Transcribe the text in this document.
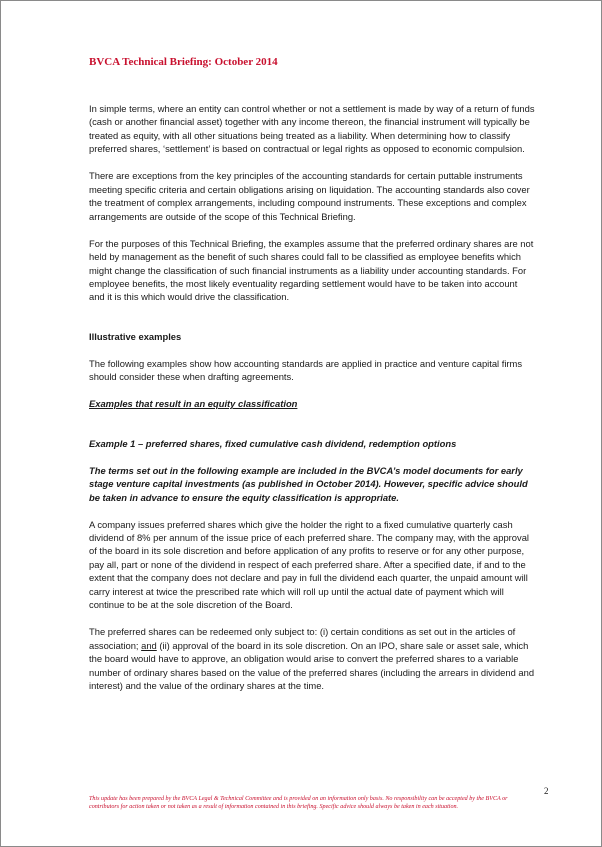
BVCA Technical Briefing: October 2014

In simple terms, where an entity can control whether or not a settlement is made by way of a return of funds (cash or another financial asset) together with any income thereon, the financial instrument will typically be treated as equity, with all other situations being treated as a liability. When determining how to classify preferred shares, ‘settlement’ is based on contractual or legal rights as opposed to economic compulsion.

There are exceptions from the key principles of the accounting standards for certain puttable instruments meeting specific criteria and certain obligations arising on liquidation. The accounting standards also cover the treatment of complex arrangements, including compound instruments. These exceptions and complex arrangements are outside of the scope of this Technical Briefing.

For the purposes of this Technical Briefing, the examples assume that the preferred ordinary shares are not held by management as the benefit of such shares could fall to be classified as employee benefits which might change the classification of such financial instruments as a liability under accounting standards. For employee benefits, the most likely eventuality regarding settlement would have to be taken into account and it is this which would drive the classification.

Illustrative examples

The following examples show how accounting standards are applied in practice and venture capital firms should consider these when drafting agreements.

Examples that result in an equity classification

Example 1 – preferred shares, fixed cumulative cash dividend, redemption options

The terms set out in the following example are included in the BVCA’s model documents for early stage venture capital investments (as published in October 2014). However, specific advice should be taken in advance to ensure the equity classification is appropriate.

A company issues preferred shares which give the holder the right to a fixed cumulative quarterly cash dividend of 8% per annum of the issue price of each preferred share. The company may, with the approval of the board in its sole discretion and before application of any profits to reserve or for any other purpose, pay all, part or none of the dividend in respect of each preferred share. After a specified date, if and to the extent that the company does not declare and pay in full the dividend each quarter, the unpaid amount will carry interest at twice the prescribed rate which will roll up until the actual date of payment which will continue to be at the sole discretion of the Board.

The preferred shares can be redeemed only subject to: (i) certain conditions as set out in the articles of association; and (ii) approval of the board in its sole discretion. On an IPO, share sale or asset sale, which the board would have to approve, an obligation would arise to convert the preferred shares to a variable number of ordinary shares based on the value of the preferred shares (including the arrears in dividend and interest) and the value of the ordinary shares at the time.

2
This update has been prepared by the BVCA Legal & Technical Committee and is provided on an information only basis. No responsibility can be accepted by the BVCA or contributors for action taken or not taken as a result of information contained in this briefing. Specific advice should always be taken in each situation.
